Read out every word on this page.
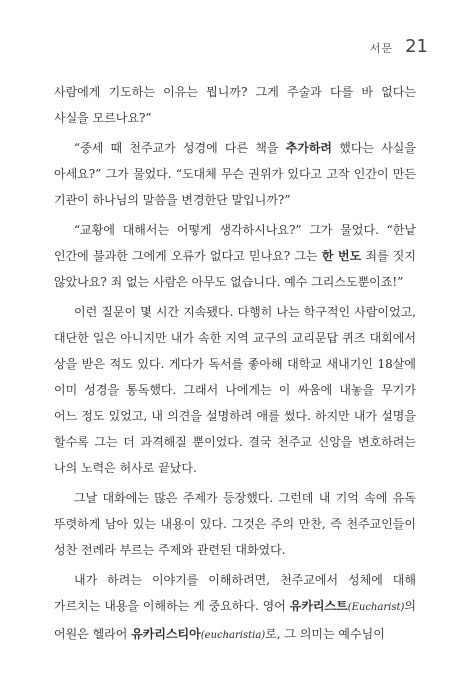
서문 21

사람에게 기도하는 이유는 뭡니까? 그게 주술과 다를 바 없다는 사실을 모르나요?”

“중세 때 천주교가 성경에 다른 책을 추가하려 했다는 사실을 아세요?” 그가 물었다. “도대체 무슨 권위가 있다고 고작 인간이 만든 기관이 하나님의 말씀을 변경한단 말입니까?”

“교황에 대해서는 어떻게 생각하시나요?” 그가 물었다. “한낱 인간에 불과한 그에게 오류가 없다고 믿나요? 그는 한 번도 죄를 짓지 않았나요? 죄 없는 사람은 아무도 없습니다. 예수 그리스도뿐이죠!”

이런 질문이 몇 시간 지속됐다. 다행히 나는 학구적인 사람이었고, 대단한 일은 아니지만 내가 속한 지역 교구의 교리문답 퀴즈 대회에서 상을 받은 적도 있다. 게다가 독서를 좋아해 대학교 새내기인 18살에 이미 성경을 통독했다. 그래서 나에게는 이 싸움에 내놓을 무기가 어느 정도 있었고, 내 의견을 설명하려 애를 썼다. 하지만 내가 설명을 할수록 그는 더 과격해질 뿐이었다. 결국 천주교 신앙을 변호하려는 나의 노력은 허사로 끝났다.

그날 대화에는 많은 주제가 등장했다. 그런데 내 기억 속에 유독 뚜렷하게 남아 있는 내용이 있다. 그것은 주의 만찬, 즉 천주교인들이 성찬 전례라 부르는 주제와 관련된 대화였다.

내가 하려는 이야기를 이해하려면, 천주교에서 성체에 대해 가르치는 내용을 이해하는 게 중요하다. 영어 유카리스트(Eucharist)의 어원은 헬라어 유카리스티아(eucharistia)로, 그 의미는 예수님이
